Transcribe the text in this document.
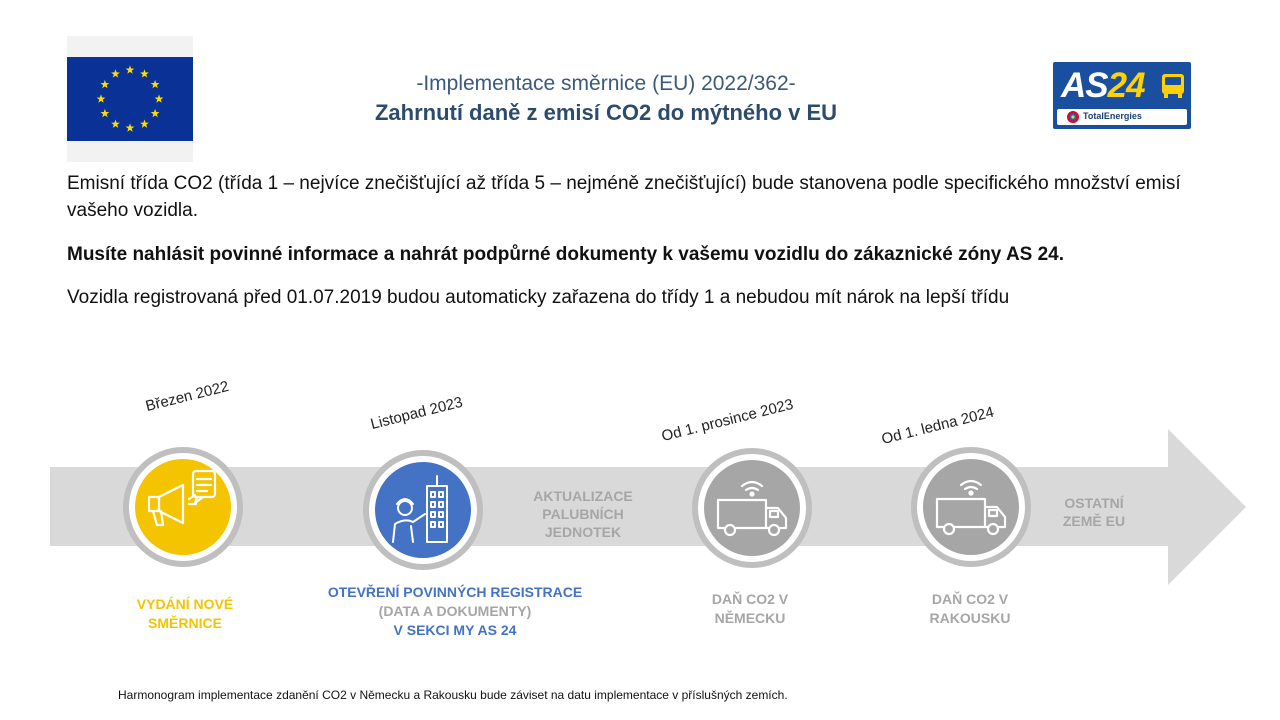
-Implementace směrnice (EU) 2022/362-
Zahrnutí daně z emisí CO2 do mýtného v EU
AS24
TotalEnergies
Emisní třída CO2 (třída 1 – nejvíce znečišťující až třída 5 – nejméně znečišťující) bude stanovena podle specifického množství emisí vašeho vozidla.
Musíte nahlásit povinné informace a nahrát podpůrné dokumenty k vašemu vozidlu do zákaznické zóny AS 24.
Vozidla registrovaná před 01.07.2019 budou automaticky zařazena do třídy 1 a nebudou mít nárok na lepší třídu
Březen 2022	Listopad 2023	Od 1. prosince 2023	Od 1. ledna 2024
AKTUALIZACE
PALUBNÍCH
JEDNOTEK
OSTATNÍ
ZEMĚ EU
VYDÁNÍ NOVÉ
SMĚRNICE
OTEVŘENÍ POVINNÝCH REGISTRACE
(DATA A DOKUMENTY)
V SEKCI MY AS 24
DAŇ CO2 V
NĚMECKU
DAŇ CO2 V
RAKOUSKU
Harmonogram implementace zdanění CO2 v Německu a Rakousku bude záviset na datu implementace v příslušných zemích.
